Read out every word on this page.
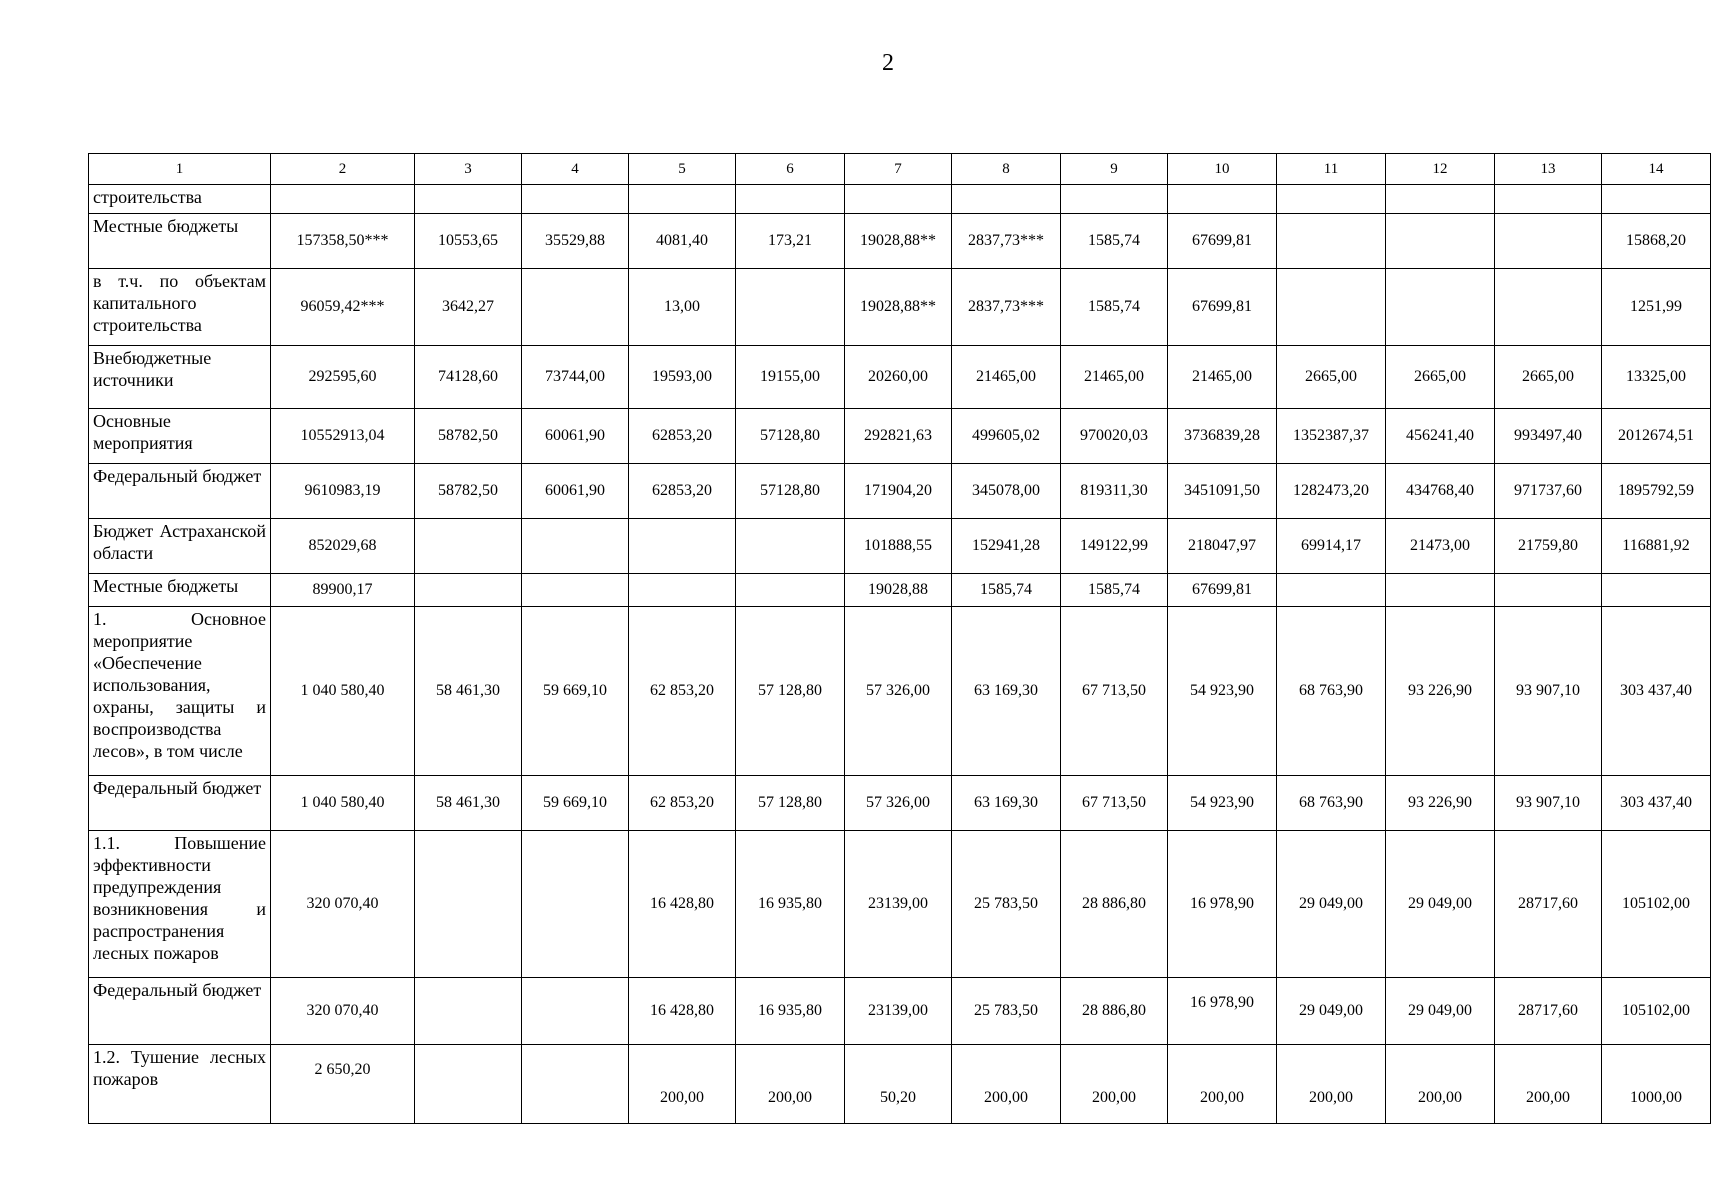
2
1	2	3	4	5	6	7	8	9	10	11	12	13	14
строительства													
Местные бюджеты	157358,50***	10553,65	35529,88	4081,40	173,21	19028,88**	2837,73***	1585,74	67699,81				15868,20
в т.ч. по объектам капитального строительства	96059,42***	3642,27		13,00		19028,88**	2837,73***	1585,74	67699,81				1251,99
Внебюджетные источники	292595,60	74128,60	73744,00	19593,00	19155,00	20260,00	21465,00	21465,00	21465,00	2665,00	2665,00	2665,00	13325,00
Основные мероприятия	10552913,04	58782,50	60061,90	62853,20	57128,80	292821,63	499605,02	970020,03	3736839,28	1352387,37	456241,40	993497,40	2012674,51
Федеральный бюджет	9610983,19	58782,50	60061,90	62853,20	57128,80	171904,20	345078,00	819311,30	3451091,50	1282473,20	434768,40	971737,60	1895792,59
Бюджет Астраханской области	852029,68					101888,55	152941,28	149122,99	218047,97	69914,17	21473,00	21759,80	116881,92
Местные бюджеты	89900,17					19028,88	1585,74	1585,74	67699,81				
1. Основное мероприятие «Обеспечение использования, охраны, защиты и воспроизводства лесов», в том числе	1 040 580,40	58 461,30	59 669,10	62 853,20	57 128,80	57 326,00	63 169,30	67 713,50	54 923,90	68 763,90	93 226,90	93 907,10	303 437,40
Федеральный бюджет	1 040 580,40	58 461,30	59 669,10	62 853,20	57 128,80	57 326,00	63 169,30	67 713,50	54 923,90	68 763,90	93 226,90	93 907,10	303 437,40
1.1. Повышение эффективности предупреждения возникновения и распространения лесных пожаров	320 070,40			16 428,80	16 935,80	23139,00	25 783,50	28 886,80	16 978,90	29 049,00	29 049,00	28717,60	105102,00
Федеральный бюджет	320 070,40			16 428,80	16 935,80	23139,00	25 783,50	28 886,80	16 978,90	29 049,00	29 049,00	28717,60	105102,00
1.2. Тушение лесных пожаров	2 650,20			200,00	200,00	50,20	200,00	200,00	200,00	200,00	200,00	200,00	1000,00
